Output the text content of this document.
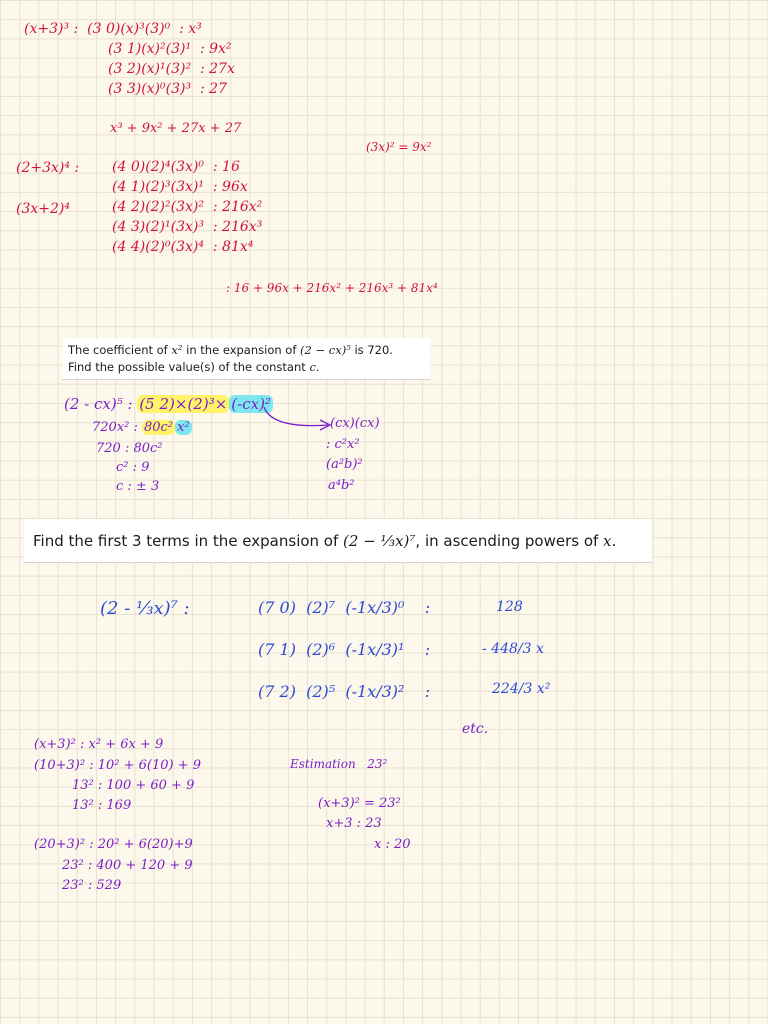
(x+3)³ :  (3 0)(x)³(3)⁰  : x³
(3 1)(x)²(3)¹  : 9x²
(3 2)(x)¹(3)²  : 27x
(3 3)(x)⁰(3)³  : 27
x³ + 9x² + 27x + 27
(3x)² = 9x²
(2+3x)⁴ :
(3x+2)⁴
(4 0)(2)⁴(3x)⁰  : 16
(4 1)(2)³(3x)¹  : 96x
(4 2)(2)²(3x)²  : 216x²
(4 3)(2)¹(3x)³  : 216x³
(4 4)(2)⁰(3x)⁴  : 81x⁴
: 16 + 96x + 216x² + 216x³ + 81x⁴
The coefficient of x² in the expansion of (2 − cx)⁵ is 720.
Find the possible value(s) of the constant c.
(2 - cx)⁵ : (5 2)×(2)³× (-cx)²
720x² : 80c² x²
720 : 80c²
c² : 9
c : ± 3
(cx)(cx)
: c²x²
(a²b)²
a⁴b²
Find the first 3 terms in the expansion of (2 − ⅓x)⁷, in ascending powers of x.
(2 - ⅓x)⁷ :	(7 0)  (2)⁷  (-1x/3)⁰    :
(7 1)  (2)⁶  (-1x/3)¹    :
(7 2)  (2)⁵  (-1x/3)²    :
128
- 448/3 x
224/3 x²
etc.
(x+3)² : x² + 6x + 9
(10+3)² : 10² + 6(10) + 9
13² : 100 + 60 + 9
13² : 169
(20+3)² : 20² + 6(20)+9
23² : 400 + 120 + 9
23² : 529
Estimation 23²
(x+3)² = 23²
x+3 : 23
x : 20
